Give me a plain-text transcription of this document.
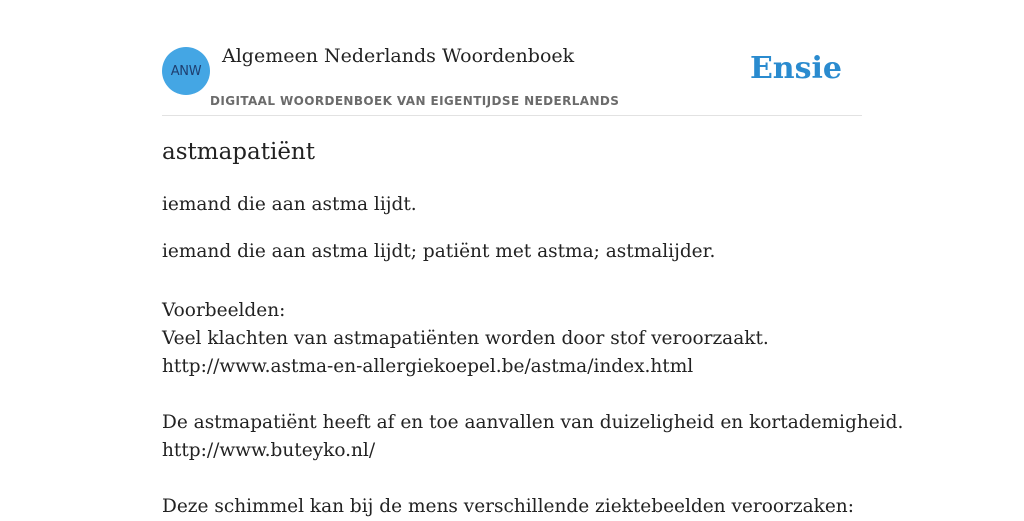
ANW
Algemeen Nederlands Woordenboek
DIGITAAL WOORDENBOEK VAN EIGENTIJDSE NEDERLANDS
Ensie
astmapatiënt

iemand die aan astma lijdt.

iemand die aan astma lijdt; patiënt met astma; astmalijder.

Voorbeelden:
Veel klachten van astmapatiënten worden door stof veroorzaakt.
http://www.astma-en-allergiekoepel.be/astma/index.html
De astmapatiënt heeft af en toe aanvallen van duizeligheid en kortademigheid.
http://www.buteyko.nl/
Deze schimmel kan bij de mens verschillende ziektebeelden veroorzaken:
